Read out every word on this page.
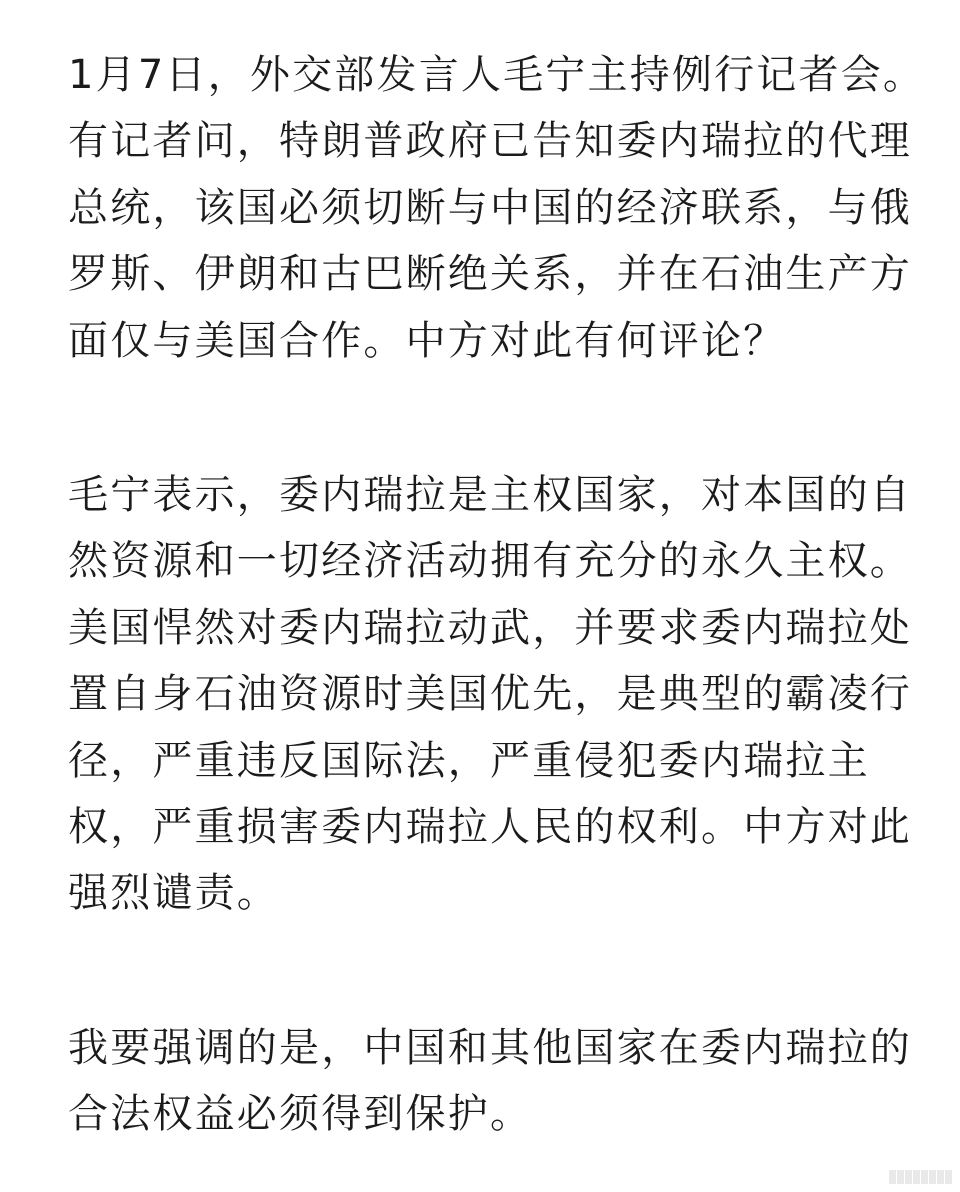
1月7日，外交部发言人毛宁主持例行记者会。
有记者问，特朗普政府已告知委内瑞拉的代理
总统，该国必须切断与中国的经济联系，与俄
罗斯、伊朗和古巴断绝关系，并在石油生产方
面仅与美国合作。中方对此有何评论？
毛宁表示，委内瑞拉是主权国家，对本国的自
然资源和一切经济活动拥有充分的永久主权。
美国悍然对委内瑞拉动武，并要求委内瑞拉处
置自身石油资源时美国优先，是典型的霸凌行
径，严重违反国际法，严重侵犯委内瑞拉主
权，严重损害委内瑞拉人民的权利。中方对此
强烈谴责。
我要强调的是，中国和其他国家在委内瑞拉的
合法权益必须得到保护。
